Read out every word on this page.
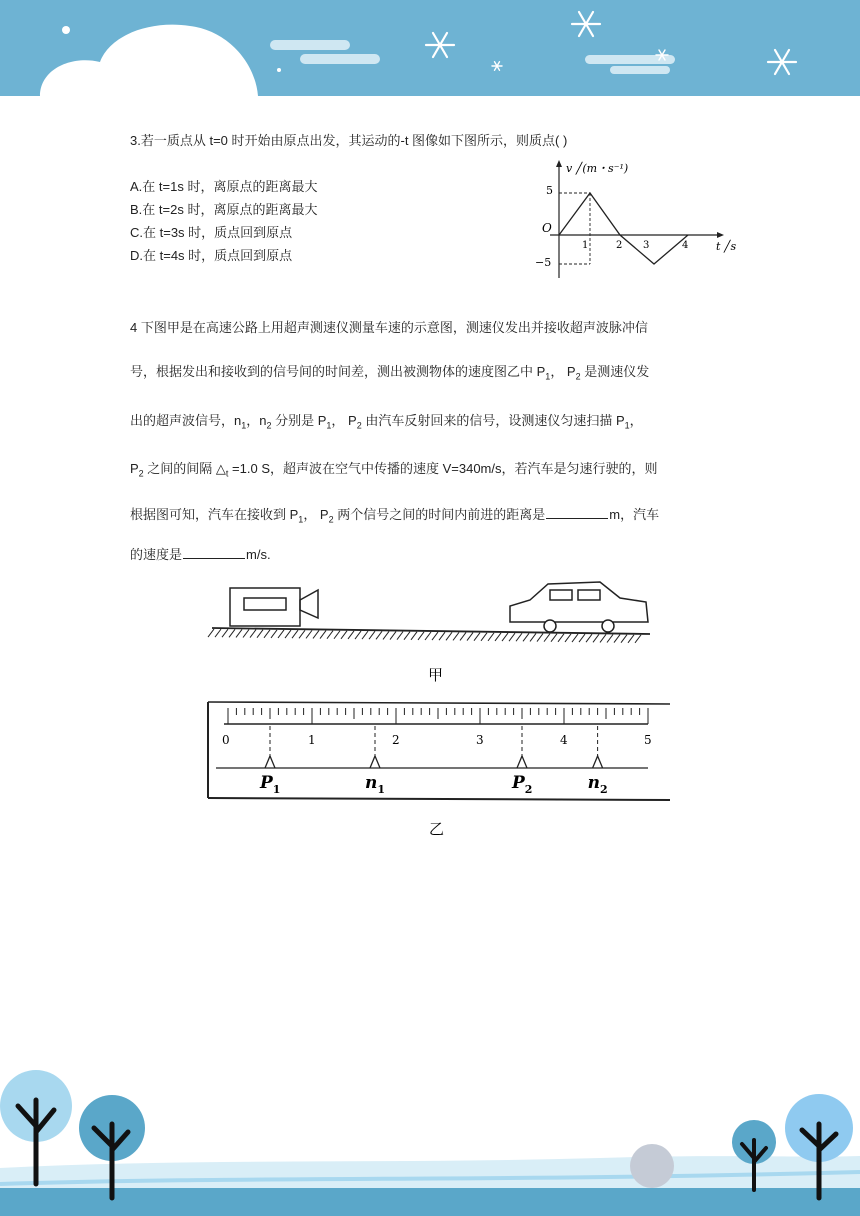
3.若一质点从 t=0 时开始由原点出发，其运动的-t 图像如下图所示，则质点( )
A.在 t=1s 时，离原点的距离最大
B.在 t=2s 时，离原点的距离最大
C.在 t=3s 时，质点回到原点
D.在 t=4s 时，质点回到原点
v ╱(m・s⁻¹)
t ╱s
O
5
−5
1	2 3	4

4 下图甲是在高速公路上用超声测速仪测量车速的示意图，测速仪发出并接收超声波脉冲信

号，根据发出和接收到的信号间的时间差，测出被测物体的速度图乙中 $P_1$， $P_2$ 是测速仪发

出的超声波信号，$n_1$，$n_2$ 分别是 $P_1$， $P_2$ 由汽车反射回来的信号，设测速仪匀速扫描 $P_1$，

$P_2$ 之间的间隔 $\triangle_t =1.0$ S，超声波在空气中传播的速度 V=340m/s，若汽车是匀速行驶的，则

根据图可知，汽车在接收到 $P_1$， $P_2$ 两个信号之间的时间内前进的距离是	m，汽车

的速度是	m/s.

甲
0	1	2	3	4	5
$P_1$	$n_1$	$P_2$	$n_2$
乙
